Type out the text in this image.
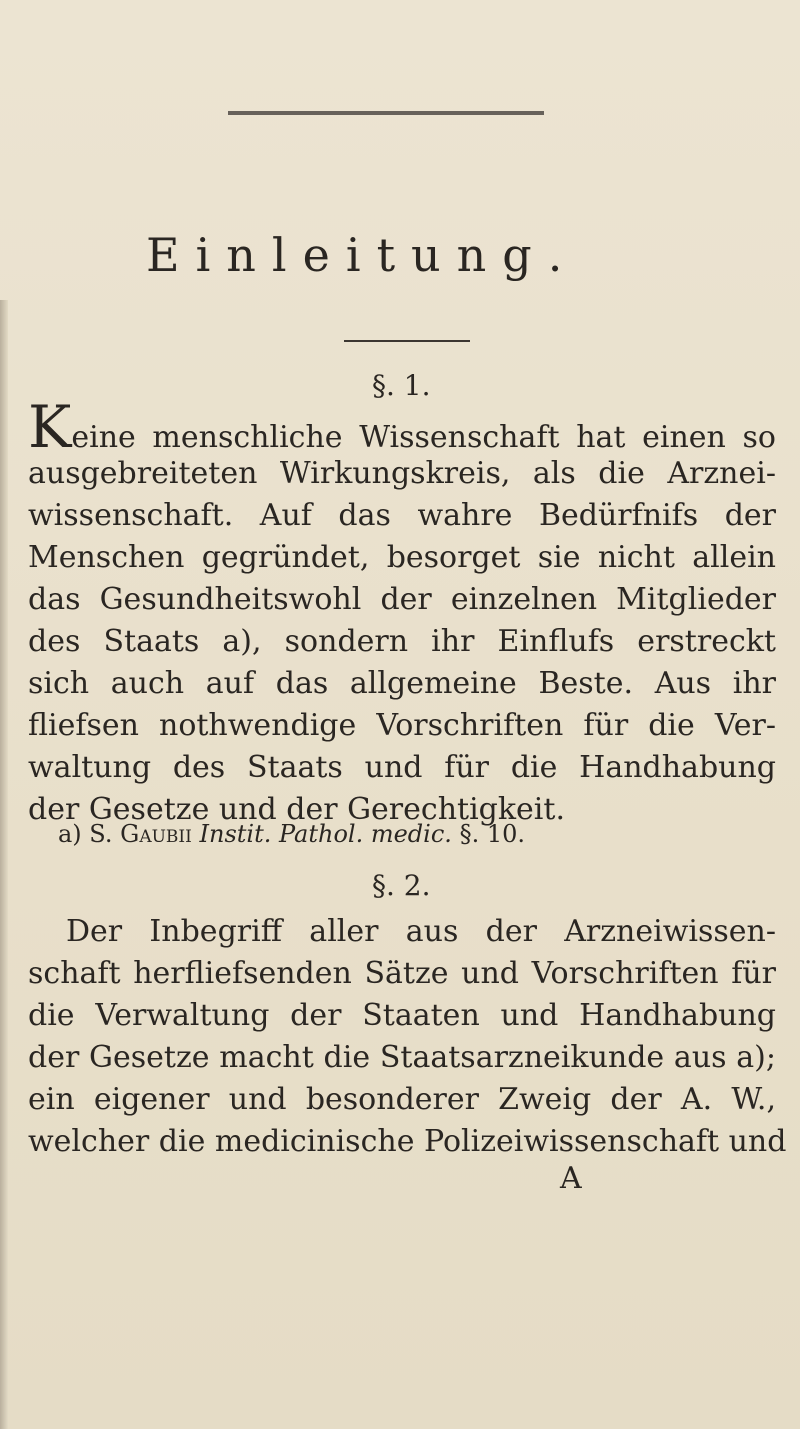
Einleitung.
§. 1.
Keine menschliche Wissenschaft hat einen so
ausgebreiteten Wirkungskreis, als die Arznei-
wissenschaft. Auf das wahre Bedürfnifs der
Menschen gegründet, besorget sie nicht allein
das Gesundheitswohl der einzelnen Mitglieder
des Staats a), sondern ihr Einflufs erstreckt
sich auch auf das allgemeine Beste. Aus ihr
fliefsen nothwendige Vorschriften für die Ver-
waltung des Staats und für die Handhabung
der Gesetze und der Gerechtigkeit.
a) S. Gaubii Instit. Pathol. medic. §. 10.
§. 2.
Der Inbegriff aller aus der Arzneiwissen-
schaft herfliefsenden Sätze und Vorschriften für
die Verwaltung der Staaten und Handhabung
der Gesetze macht die Staatsarzneikunde aus a);
ein eigener und besonderer Zweig der A. W.,
welcher die medicinische Polizeiwissenschaft und
A
